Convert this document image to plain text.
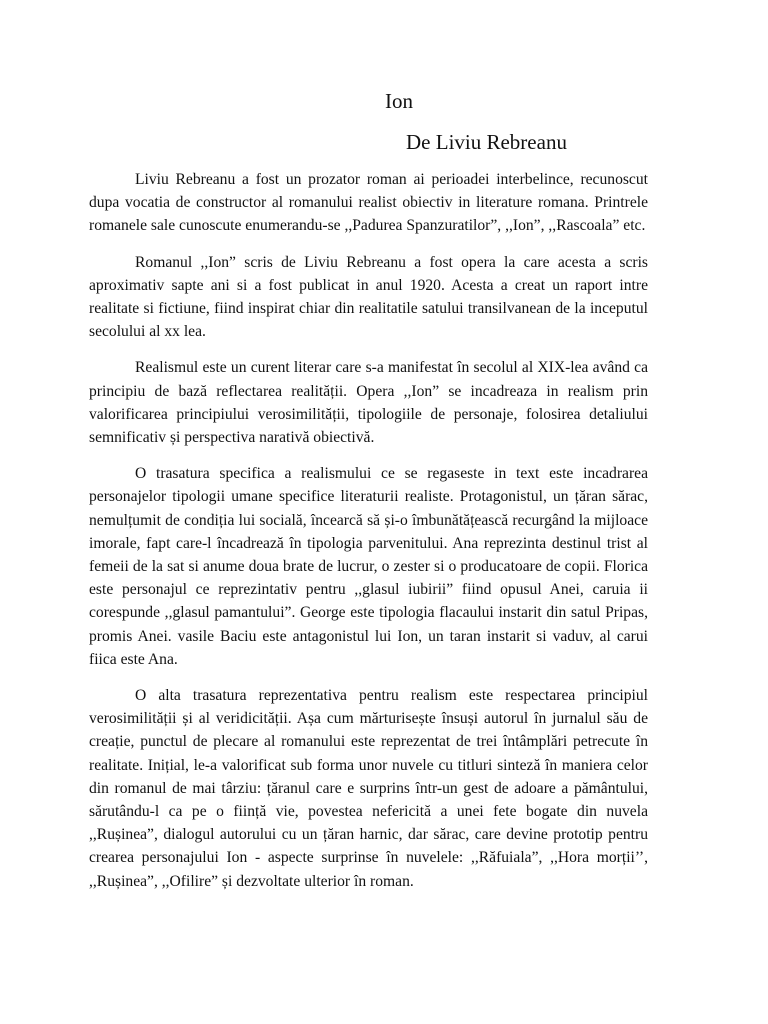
Ion
De Liviu Rebreanu

Liviu Rebreanu a fost un prozator roman ai perioadei interbelince, recunoscut dupa vocatia de constructor al romanului realist obiectiv in literature romana. Printrele romanele sale cunoscute enumerandu-se ,,Padurea Spanzuratilor”, ,,Ion”, ,,Rascoala” etc.

Romanul ,,Ion” scris de Liviu Rebreanu a fost opera la care acesta a scris aproximativ sapte ani si a fost publicat in anul 1920. Acesta a creat un raport intre realitate si fictiune, fiind inspirat chiar din realitatile satului transilvanean de la inceputul secolului al xx lea.

Realismul este un curent literar care s-a manifestat în secolul al XIX-lea având ca principiu de bază reflectarea realității. Opera ,,Ion” se incadreaza in realism prin valorificarea principiului verosimilității, tipologiile de personaje, folosirea detaliului semnificativ și perspectiva narativă obiectivă.

O trasatura specifica a realismului ce se regaseste in text este incadrarea personajelor tipologii umane specifice literaturii realiste. Protagonistul, un țăran sărac, nemulțumit de condiția lui socială, încearcă să și-o îmbunătățească recurgând la mijloace imorale, fapt care-l încadrează în tipologia parvenitului. Ana reprezinta destinul trist al femeii de la sat si anume doua brate de lucrur, o zester si o producatoare de copii. Florica este personajul ce reprezintativ pentru ,,glasul iubirii” fiind opusul Anei, caruia ii corespunde ,,glasul pamantului”. George este tipologia flacaului instarit din satul Pripas, promis Anei. vasile Baciu este antagonistul lui Ion, un taran instarit si vaduv, al carui fiica este Ana.

O alta trasatura reprezentativa pentru realism este respectarea principiul verosimilității și al veridicității. Așa cum mărturisește însuși autorul în jurnalul său de creație, punctul de plecare al romanului este reprezentat de trei întâmplări petrecute în realitate. Inițial, le-a valorificat sub forma unor nuvele cu titluri sinteză în maniera celor din romanul de mai târziu: țăranul care e surprins într-un gest de adoare a pământului, sărutându-l ca pe o ființă vie, povestea nefericită a unei fete bogate din nuvela ,,Rușinea”, dialogul autorului cu un țăran harnic, dar sărac, care devine prototip pentru crearea personajului Ion - aspecte surprinse în nuvelele: ,,Răfuiala”, ,,Hora morții’’, ,,Rușinea”, ,,Ofilire” și dezvoltate ulterior în roman.
